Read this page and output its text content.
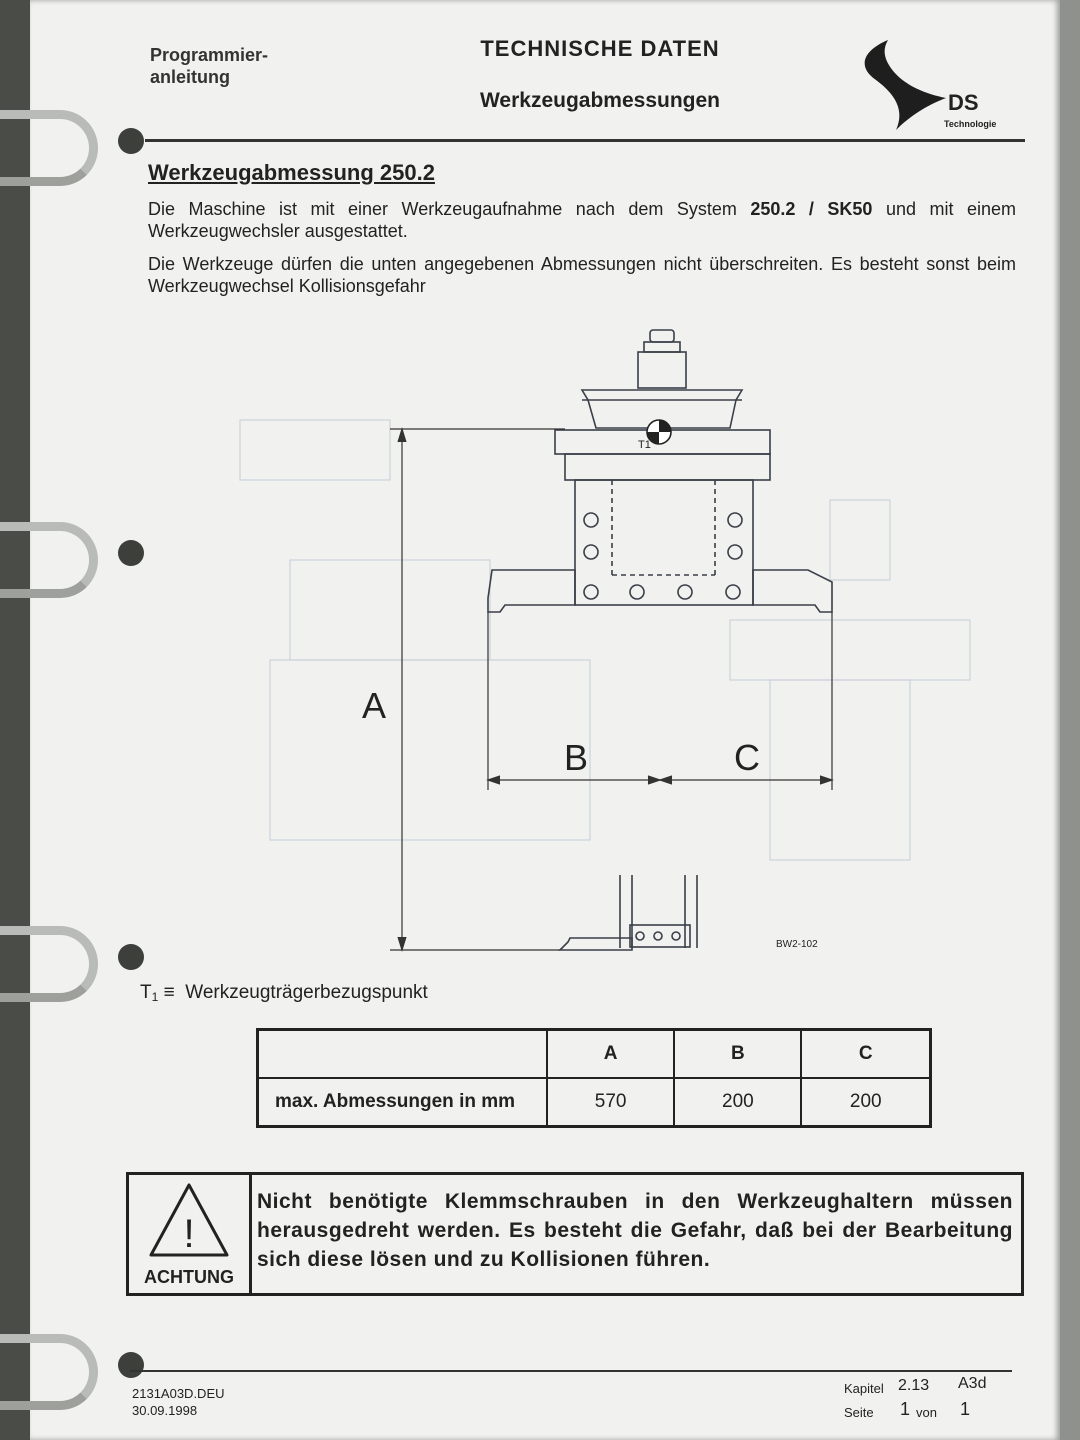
Programmier-
anleitung
TECHNISCHE DATEN
Werkzeugabmessungen	DS
Technologie
Werkzeugabmessung 250.2
Die Maschine ist mit einer Werkzeugaufnahme nach dem System 250.2 / SK50 und mit einem Werkzeugwechsler ausgestattet.
Die Werkzeuge dürfen die unten angegebenen Abmessungen nicht überschreiten. Es besteht sonst beim Werkzeugwechsel Kollisionsgefahr
T1
A
B	C
BW2-102
$T_1$ ≡ Werkzeugträgerbezugspunkt
	A	B	C
max. Abmessungen in mm	570	200	200
!
ACHTUNG
Nicht benötigte Klemmschrauben in den Werkzeughaltern müssen herausgedreht werden. Es besteht die Gefahr, daß bei der Bearbeitung sich diese lösen und zu Kollisionen führen.
2131A03D.DEU
30.09.1998
Kapitel 2.13 A3d
Seite 1 von 1
